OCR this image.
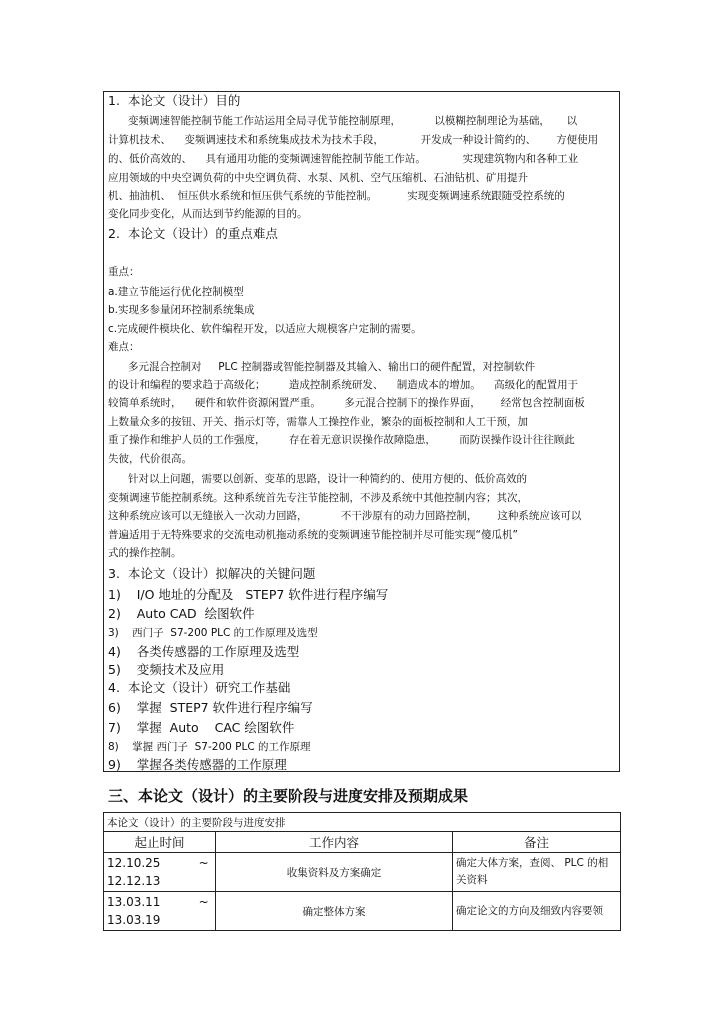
1.  本论文（设计）目的
变频调速智能控制节能工作站运用全局寻优节能控制原理，          以模糊控制理论为基础，     以
计算机技术、    变频调速技术和系统集成技术为技术手段，           开发成一种设计简约的、      方便使用
的、低价高效的、    具有通用功能的变频调速智能控制节能工作站。           实现建筑物内和各种工业
应用领域的中央空调负荷的中央空调负荷、水泵、风机、空气压缩机、石油钻机、矿用提升
机、抽油机、  恒压供水系统和恒压供气系统的节能控制。         实现变频调速系统跟随受控系统的
变化同步变化，从而达到节约能源的目的。
2.  本论文（设计）的重点难点
重点：
a.建立节能运行优化控制模型
b.实现多参量闭环控制系统集成
c.完成硬件模块化、软件编程开发，以适应大规模客户定制的需要。
难点：
多元混合控制对     PLC 控制器或智能控制器及其输入、输出口的硬件配置，对控制软件
的设计和编程的要求趋于高级化；       造成控制系统研发、    制造成本的增加。    高级化的配置用于
较简单系统时，    硬件和软件资源闲置严重。       多元混合控制下的操作界面，      经常包含控制面板
上数量众多的按钮、开关、指示灯等，需靠人工操控作业，繁杂的面板控制和人工干预，加
重了操作和维护人员的工作强度，       存在着无意识误操作故障隐患，       而防误操作设计往往顾此
失彼，代价很高。
针对以上问题，需要以创新、变革的思路，设计一种简约的、使用方便的、低价高效的
变频调速节能控制系统。这种系统首先专注节能控制，不涉及系统中其他控制内容；其次，
这种系统应该可以无缝嵌入一次动力回路，          不干涉原有的动力回路控制，      这种系统应该可以
普遍适用于无特殊要求的交流电动机拖动系统的变频调速节能控制并尽可能实现“傻瓜机”
式的操作控制。
3.  本论文（设计）拟解决的关键问题
1)    I/O 地址的分配及   STEP7 软件进行程序编写
2)    Auto CAD  绘图软件
3)    西门子  S7-200 PLC 的工作原理及选型
4)    各类传感器的工作原理及选型
5)    变频技术及应用
4.  本论文（设计）研究工作基础
6)    掌握  STEP7 软件进行程序编写
7)    掌握  Auto    CAC 绘图软件
8)    掌握 西门子  S7-200 PLC 的工作原理
9)    掌握各类传感器的工作原理
三、本论文（设计）的主要阶段与进度安排及预期成果
本论文（设计）的主要阶段与进度安排		
起止时间	工作内容	备注
12.10.25          ~
12.12.13	收集资料及方案确定	确定大体方案，查阅、 PLC 的相关资料
13.03.11          ~
13.03.19	确定整体方案	确定论文的方向及细致内容要领
